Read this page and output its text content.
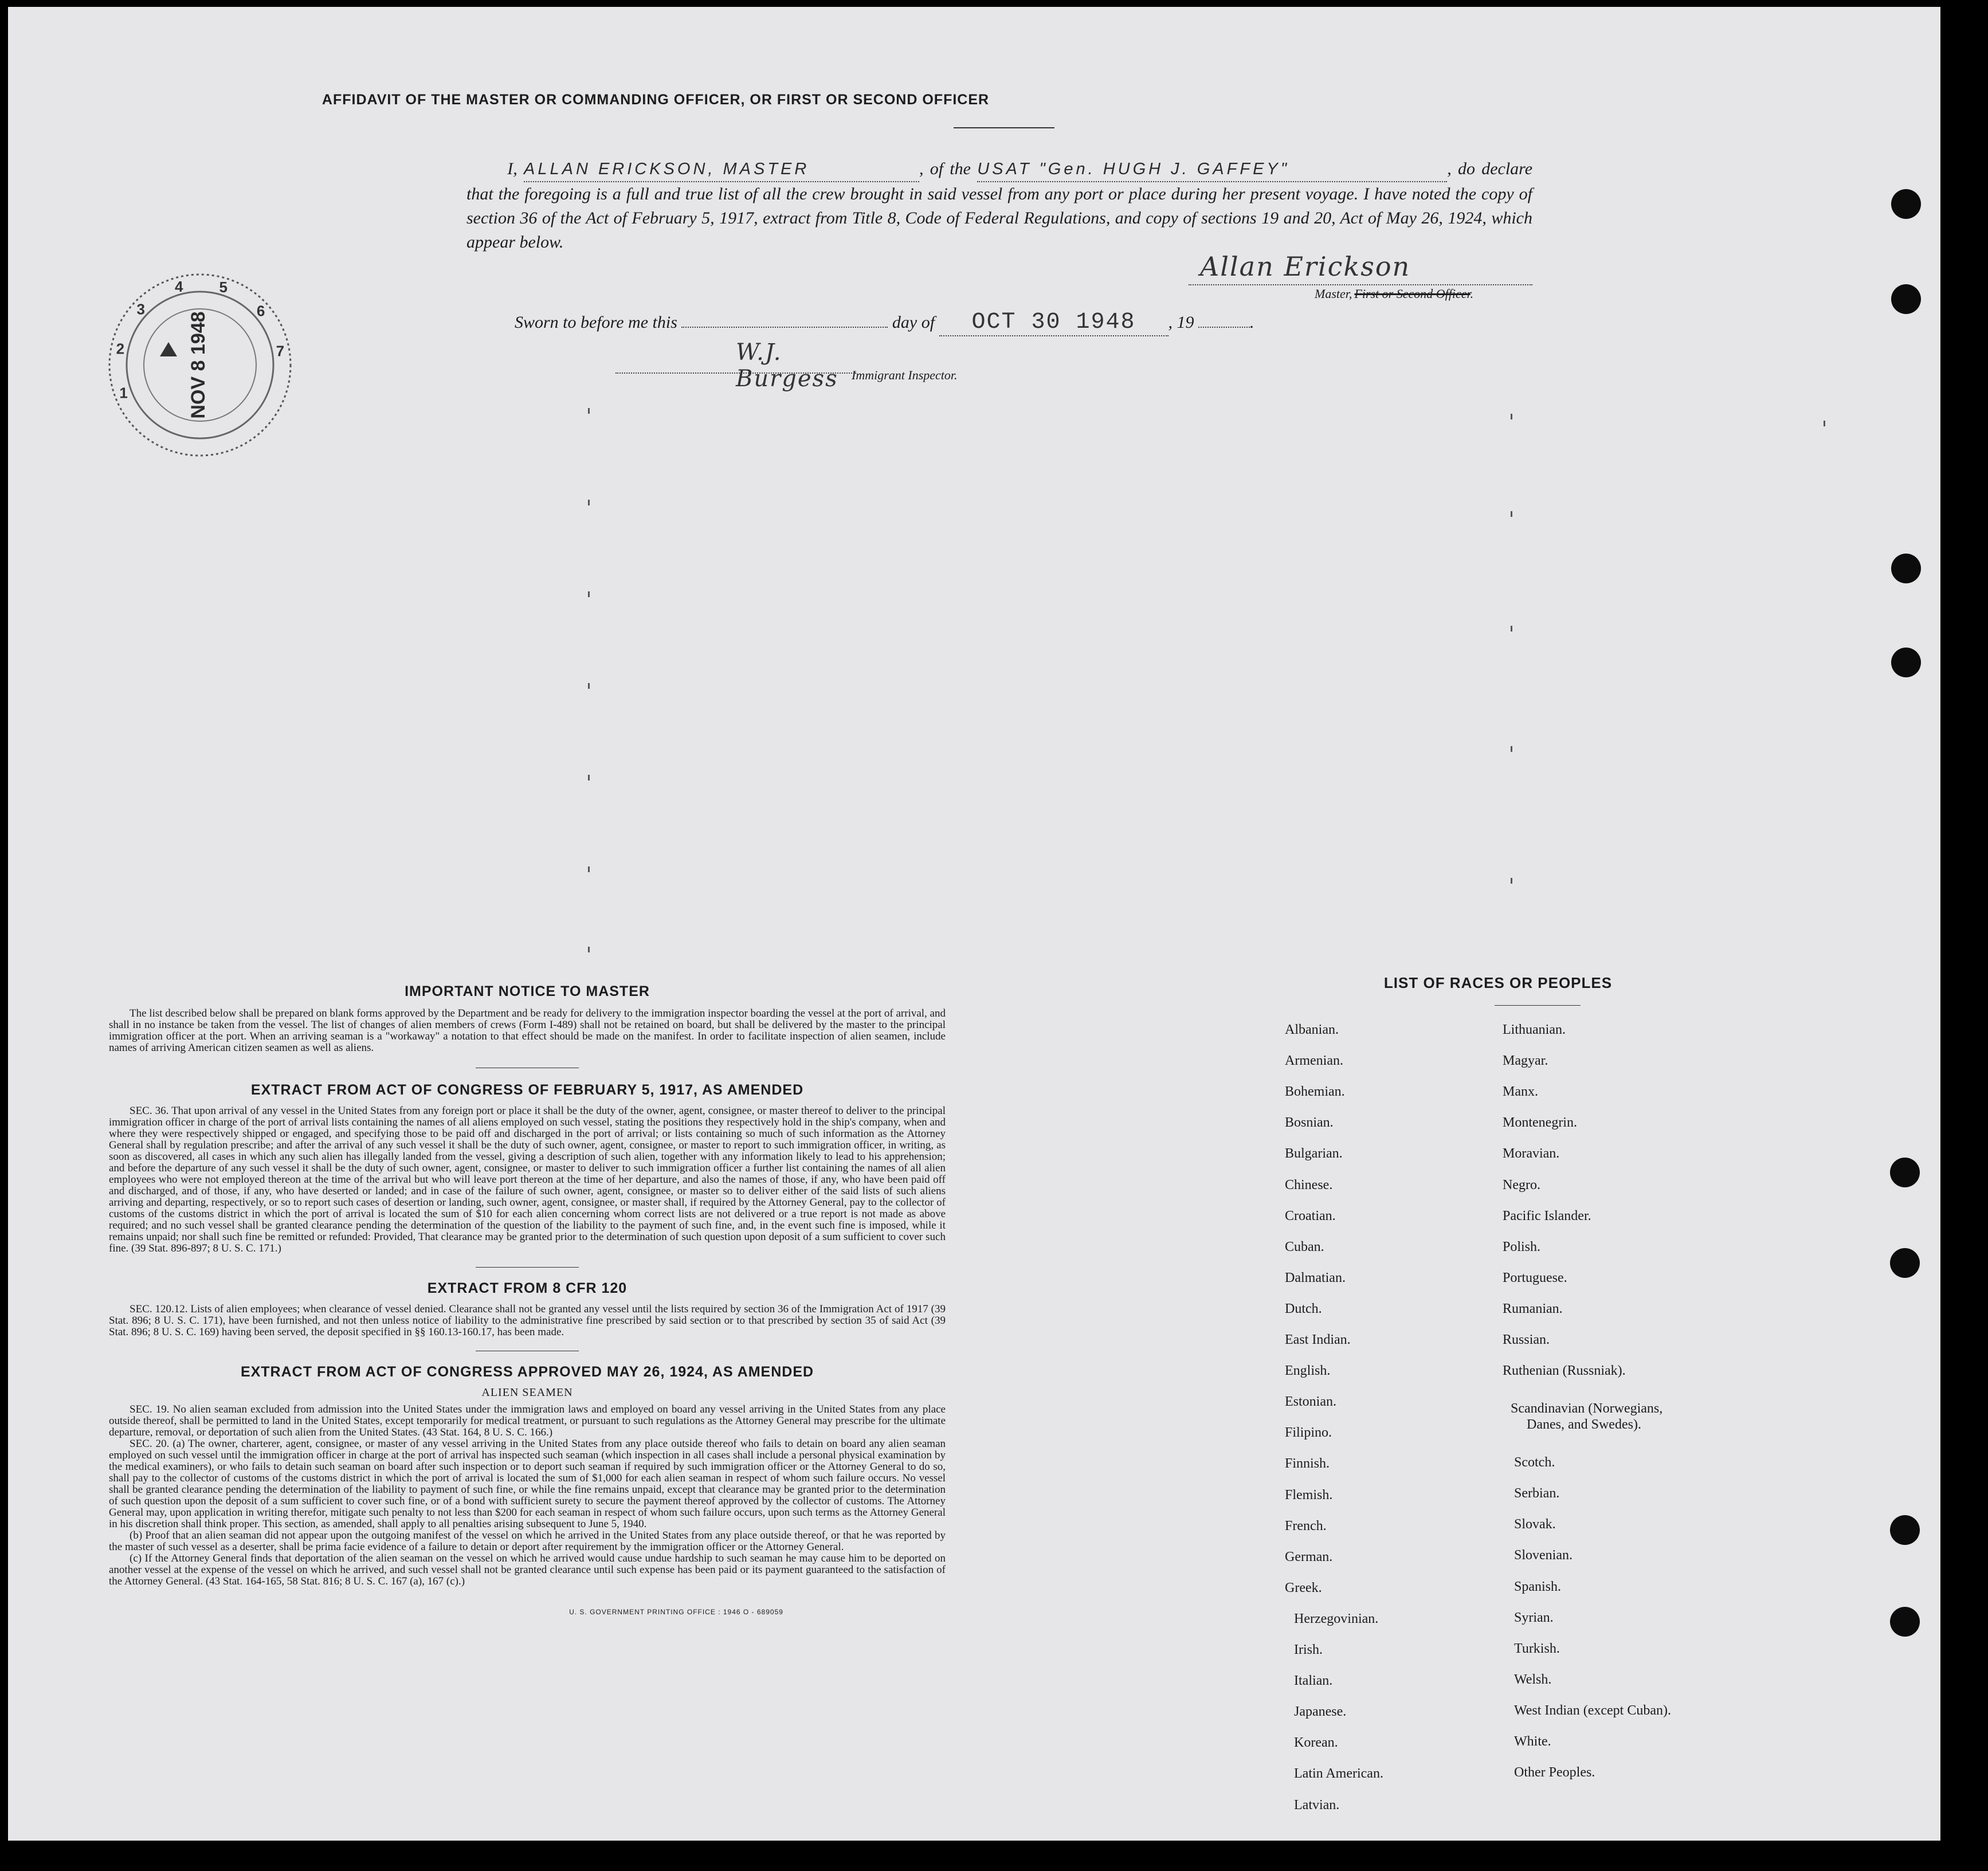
AFFIDAVIT OF THE MASTER OR COMMANDING OFFICER, OR FIRST OR SECOND OFFICER
I, ALLAN ERICKSON, MASTER	, of the USAT "Gen. HUGH J. GAFFEY"	, do declare that the foregoing is a full and true list of all the crew brought in said vessel from any port or place during her present voyage. I have noted the copy of section 36 of the Act of February 5, 1917, extract from Title 8, Code of Federal Regulations, and copy of sections 19 and 20, Act of May 26, 1924, which appear below.
Allan Erickson
Master, First or Second Officer.
Sworn to before me this	day of OCT 30 1948 , 19	.
W.J. Burgess	Immigrant Inspector.
1
2
3
4 5
6
7
NOV 8 1948
IMPORTANT NOTICE TO MASTER
The list described below shall be prepared on blank forms approved by the Department and be ready for delivery to the immigration inspector boarding the vessel at the port of arrival, and shall in no instance be taken from the vessel. The list of changes of alien members of crews (Form I-489) shall not be retained on board, but shall be delivered by the master to the principal immigration officer at the port. When an arriving seaman is a "workaway" a notation to that effect should be made on the manifest. In order to facilitate inspection of alien seamen, include names of arriving American citizen seamen as well as aliens.
EXTRACT FROM ACT OF CONGRESS OF FEBRUARY 5, 1917, AS AMENDED
SEC. 36. That upon arrival of any vessel in the United States from any foreign port or place it shall be the duty of the owner, agent, consignee, or master thereof to deliver to the principal immigration officer in charge of the port of arrival lists containing the names of all aliens employed on such vessel, stating the positions they respectively hold in the ship's company, when and where they were respectively shipped or engaged, and specifying those to be paid off and discharged in the port of arrival; or lists containing so much of such information as the Attorney General shall by regulation prescribe; and after the arrival of any such vessel it shall be the duty of such owner, agent, consignee, or master to report to such immigration officer, in writing, as soon as discovered, all cases in which any such alien has illegally landed from the vessel, giving a description of such alien, together with any information likely to lead to his apprehension; and before the departure of any such vessel it shall be the duty of such owner, agent, consignee, or master to deliver to such immigration officer a further list containing the names of all alien employees who were not employed thereon at the time of the arrival but who will leave port thereon at the time of her departure, and also the names of those, if any, who have been paid off and discharged, and of those, if any, who have deserted or landed; and in case of the failure of such owner, agent, consignee, or master so to deliver either of the said lists of such aliens arriving and departing, respectively, or so to report such cases of desertion or landing, such owner, agent, consignee, or master shall, if required by the Attorney General, pay to the collector of customs of the customs district in which the port of arrival is located the sum of $10 for each alien concerning whom correct lists are not delivered or a true report is not made as above required; and no such vessel shall be granted clearance pending the determination of the question of the liability to the payment of such fine, and, in the event such fine is imposed, while it remains unpaid; nor shall such fine be remitted or refunded: Provided, That clearance may be granted prior to the determination of such question upon deposit of a sum sufficient to cover such fine. (39 Stat. 896-897; 8 U. S. C. 171.)
EXTRACT FROM 8 CFR 120
SEC. 120.12. Lists of alien employees; when clearance of vessel denied. Clearance shall not be granted any vessel until the lists required by section 36 of the Immigration Act of 1917 (39 Stat. 896; 8 U. S. C. 171), have been furnished, and not then unless notice of liability to the administrative fine prescribed by said section or to that prescribed by section 35 of said Act (39 Stat. 896; 8 U. S. C. 169) having been served, the deposit specified in §§ 160.13-160.17, has been made.
EXTRACT FROM ACT OF CONGRESS APPROVED MAY 26, 1924, AS AMENDED
ALIEN SEAMEN
SEC. 19. No alien seaman excluded from admission into the United States under the immigration laws and employed on board any vessel arriving in the United States from any place outside thereof, shall be permitted to land in the United States, except temporarily for medical treatment, or pursuant to such regulations as the Attorney General may prescribe for the ultimate departure, removal, or deportation of such alien from the United States. (43 Stat. 164, 8 U. S. C. 166.)
SEC. 20. (a) The owner, charterer, agent, consignee, or master of any vessel arriving in the United States from any place outside thereof who fails to detain on board any alien seaman employed on such vessel until the immigration officer in charge at the port of arrival has inspected such seaman (which inspection in all cases shall include a personal physical examination by the medical examiners), or who fails to detain such seaman on board after such inspection or to deport such seaman if required by such immigration officer or the Attorney General to do so, shall pay to the collector of customs of the customs district in which the port of arrival is located the sum of $1,000 for each alien seaman in respect of whom such failure occurs. No vessel shall be granted clearance pending the determination of the liability to payment of such fine, or while the fine remains unpaid, except that clearance may be granted prior to the determination of such question upon the deposit of a sum sufficient to cover such fine, or of a bond with sufficient surety to secure the payment thereof approved by the collector of customs. The Attorney General may, upon application in writing therefor, mitigate such penalty to not less than $200 for each seaman in respect of whom such failure occurs, upon such terms as the Attorney General in his discretion shall think proper. This section, as amended, shall apply to all penalties arising subsequent to June 5, 1940.
(b) Proof that an alien seaman did not appear upon the outgoing manifest of the vessel on which he arrived in the United States from any place outside thereof, or that he was reported by the master of such vessel as a deserter, shall be prima facie evidence of a failure to detain or deport after requirement by the immigration officer or the Attorney General.
(c) If the Attorney General finds that deportation of the alien seaman on the vessel on which he arrived would cause undue hardship to such seaman he may cause him to be deported on another vessel at the expense of the vessel on which he arrived, and such vessel shall not be granted clearance until such expense has been paid or its payment guaranteed to the satisfaction of the Attorney General. (43 Stat. 164-165, 58 Stat. 816; 8 U. S. C. 167 (a), 167 (c).)
U. S. GOVERNMENT PRINTING OFFICE : 1946 O - 689059
LIST OF RACES OR PEOPLES
Albanian.
Armenian.
Bohemian.
Bosnian.
Bulgarian.
Chinese.
Croatian.
Cuban.
Dalmatian.
Dutch.
East Indian.
English.
Estonian.
Filipino.
Finnish.
Flemish.
French.
German.
Greek.
Herzegovinian.
Irish.
Italian.
Japanese.
Korean.
Latin American.
Latvian.
Lithuanian.
Magyar.
Manx.
Montenegrin.
Moravian.
Negro.
Pacific Islander.
Polish.
Portuguese.
Rumanian.
Russian.
Ruthenian (Russniak).
Scandinavian (Norwegians,
Danes, and Swedes).
Scotch.
Serbian.
Slovak.
Slovenian.
Spanish.
Syrian.
Turkish.
Welsh.
West Indian (except Cuban).
White.
Other Peoples.
